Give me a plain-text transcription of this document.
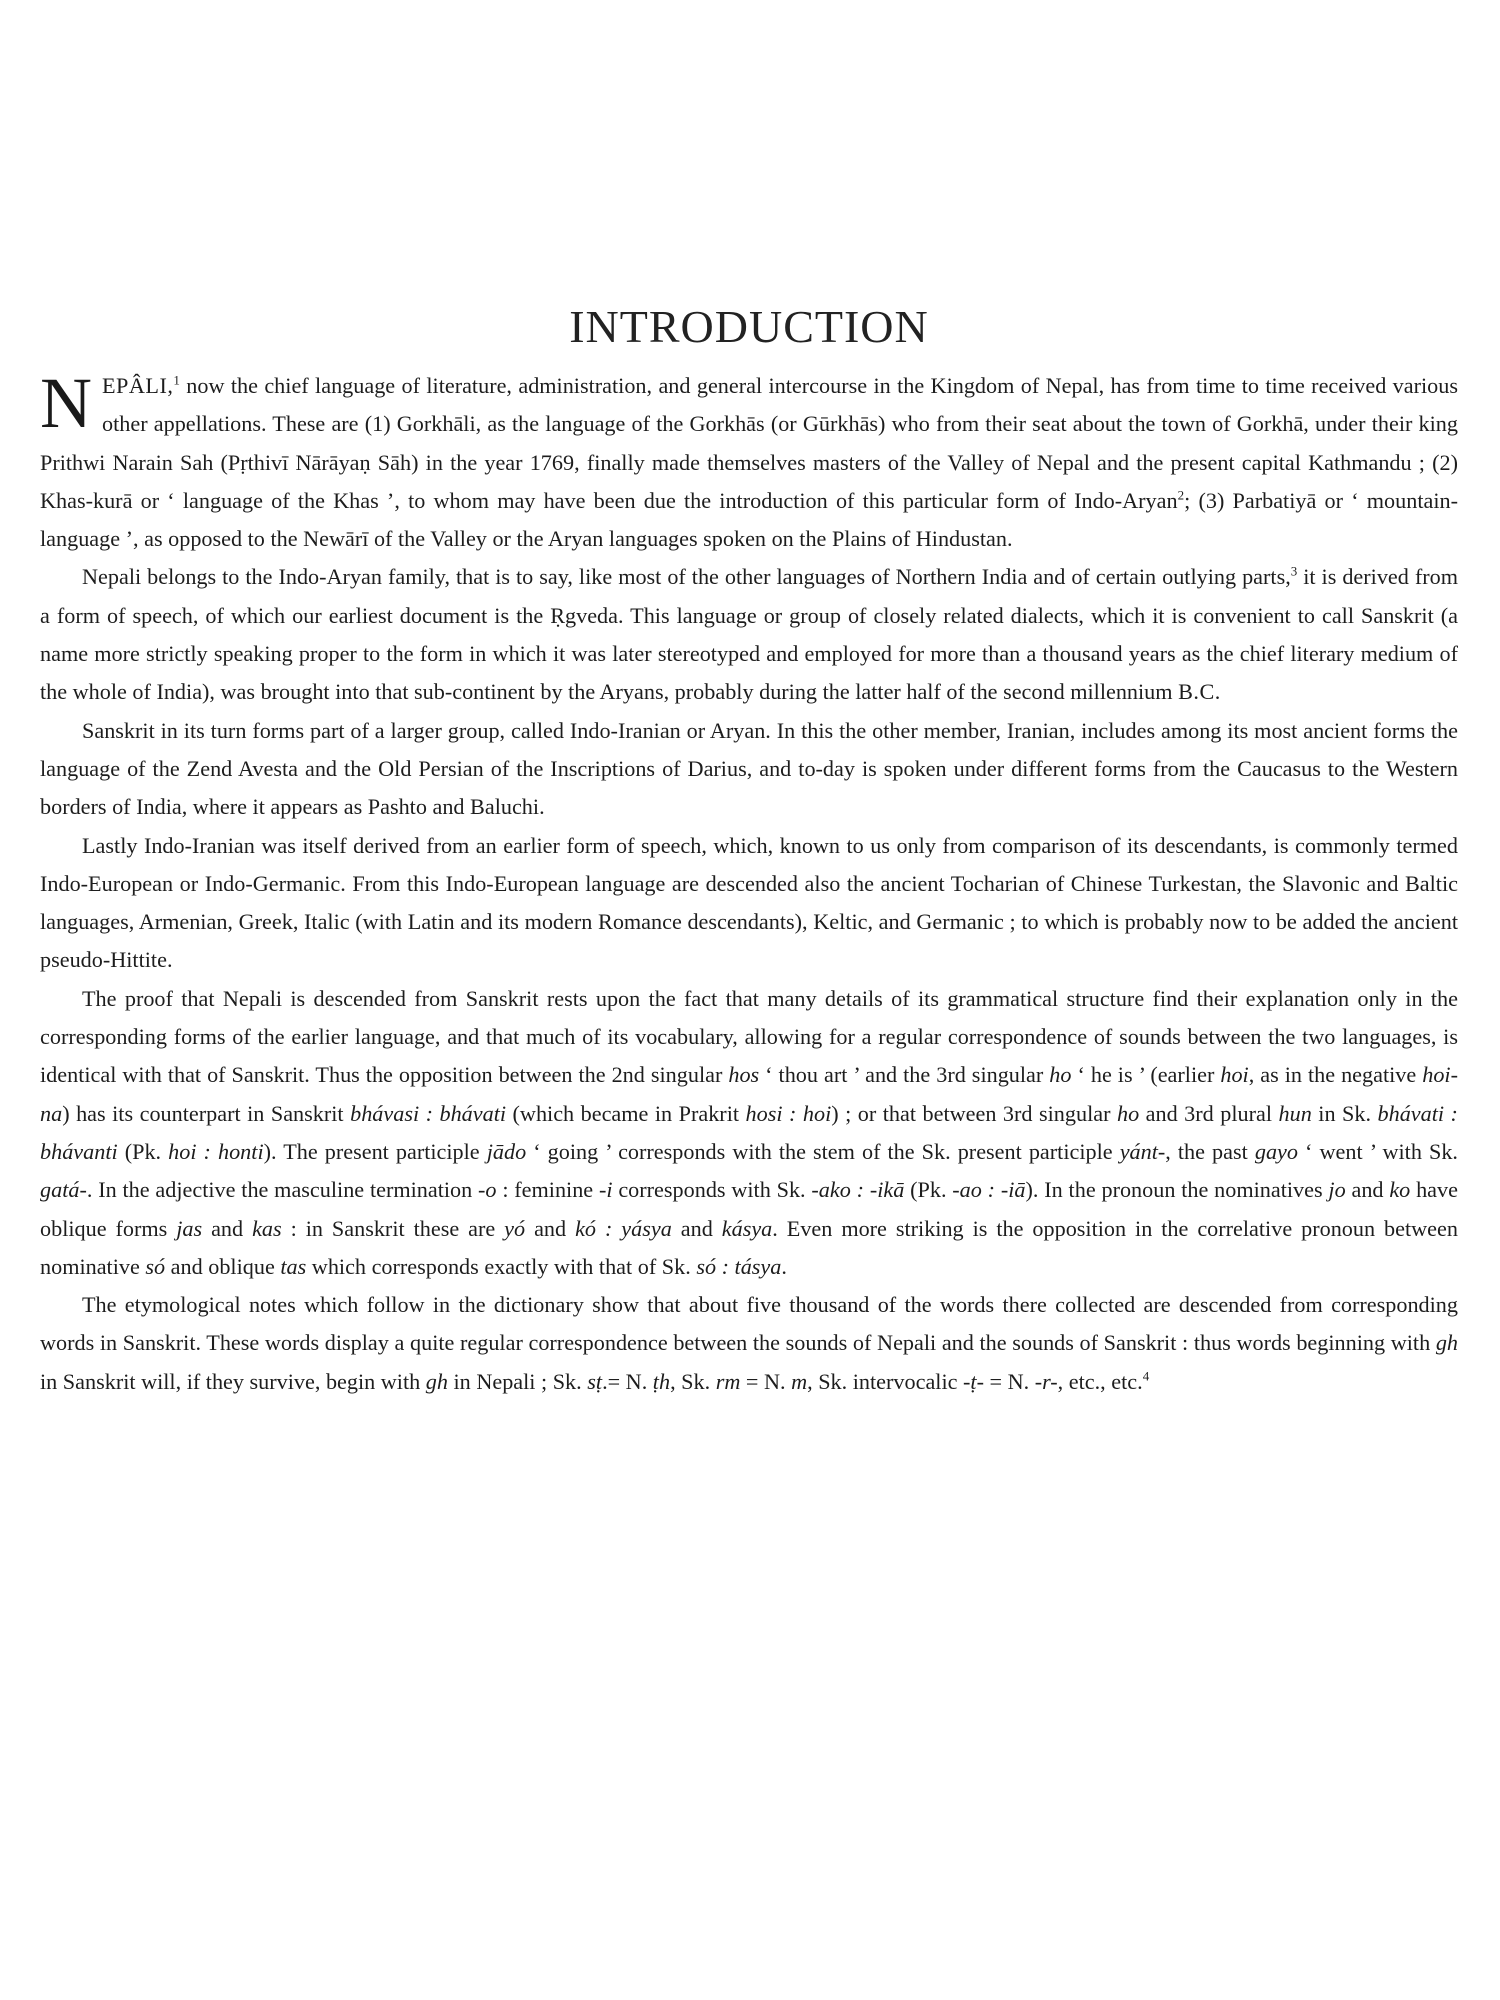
INTRODUCTION

NEPÂLI,$^1$ now the chief language of literature, administration, and general intercourse in the Kingdom of Nepal, has from time to time received various other appellations. These are (1) Gorkhāli, as the language of the Gorkhās (or Gūrkhās) who from their seat about the town of Gorkhā, under their king Prithwi Narain Sah (Pṛthivī Nārāyaṇ Sāh) in the year 1769, finally made themselves masters of the Valley of Nepal and the present capital Kathmandu ; (2) Khas-kurā or ‘ language of the Khas ’, to whom may have been due the introduction of this particular form of Indo-Aryan$^2$; (3) Parbatiyā or ‘ mountain-language ’, as opposed to the Newārī of the Valley or the Aryan languages spoken on the Plains of Hindustan.

Nepali belongs to the Indo-Aryan family, that is to say, like most of the other languages of Northern India and of certain outlying parts,$^3$ it is derived from a form of speech, of which our earliest document is the Ṛgveda. This language or group of closely related dialects, which it is convenient to call Sanskrit (a name more strictly speaking proper to the form in which it was later stereotyped and employed for more than a thousand years as the chief literary medium of the whole of India), was brought into that sub-continent by the Aryans, probably during the latter half of the second millennium B.C.

Sanskrit in its turn forms part of a larger group, called Indo-Iranian or Aryan. In this the other member, Iranian, includes among its most ancient forms the language of the Zend Avesta and the Old Persian of the Inscriptions of Darius, and to-day is spoken under different forms from the Caucasus to the Western borders of India, where it appears as Pashto and Baluchi.

Lastly Indo-Iranian was itself derived from an earlier form of speech, which, known to us only from comparison of its descendants, is commonly termed Indo-European or Indo-Germanic. From this Indo-European language are descended also the ancient Tocharian of Chinese Turkestan, the Slavonic and Baltic languages, Armenian, Greek, Italic (with Latin and its modern Romance descendants), Keltic, and Germanic ; to which is probably now to be added the ancient pseudo-Hittite.

The proof that Nepali is descended from Sanskrit rests upon the fact that many details of its grammatical structure find their explanation only in the corresponding forms of the earlier language, and that much of its vocabulary, allowing for a regular correspondence of sounds between the two languages, is identical with that of Sanskrit. Thus the opposition between the 2nd singular hos ‘ thou art ’ and the 3rd singular ho ‘ he is ’ (earlier hoi, as in the negative hoi-na) has its counterpart in Sanskrit bhávasi : bhávati (which became in Prakrit hosi : hoi) ; or that between 3rd singular ho and 3rd plural hun in Sk. bhávati : bhávanti (Pk. hoi : honti). The present participle jādo ‘ going ’ corresponds with the stem of the Sk. present participle yánt-, the past gayo ‘ went ’ with Sk. gatá-. In the adjective the masculine termination -o : feminine -i corresponds with Sk. -ako : -ikā (Pk. -ao : -iā). In the pronoun the nominatives jo and ko have oblique forms jas and kas : in Sanskrit these are yó and kó : yásya and kásya. Even more striking is the opposition in the correlative pronoun between nominative só and oblique tas which corresponds exactly with that of Sk. só : tásya.

The etymological notes which follow in the dictionary show that about five thousand of the words there collected are descended from corresponding words in Sanskrit. These words display a quite regular correspondence between the sounds of Nepali and the sounds of Sanskrit : thus words beginning with gh in Sanskrit will, if they survive, begin with gh in Nepali ; Sk. sṭ.= N. ṭh, Sk. rm = N. m, Sk. intervocalic -ṭ- = N. -r-, etc., etc.$^4$
